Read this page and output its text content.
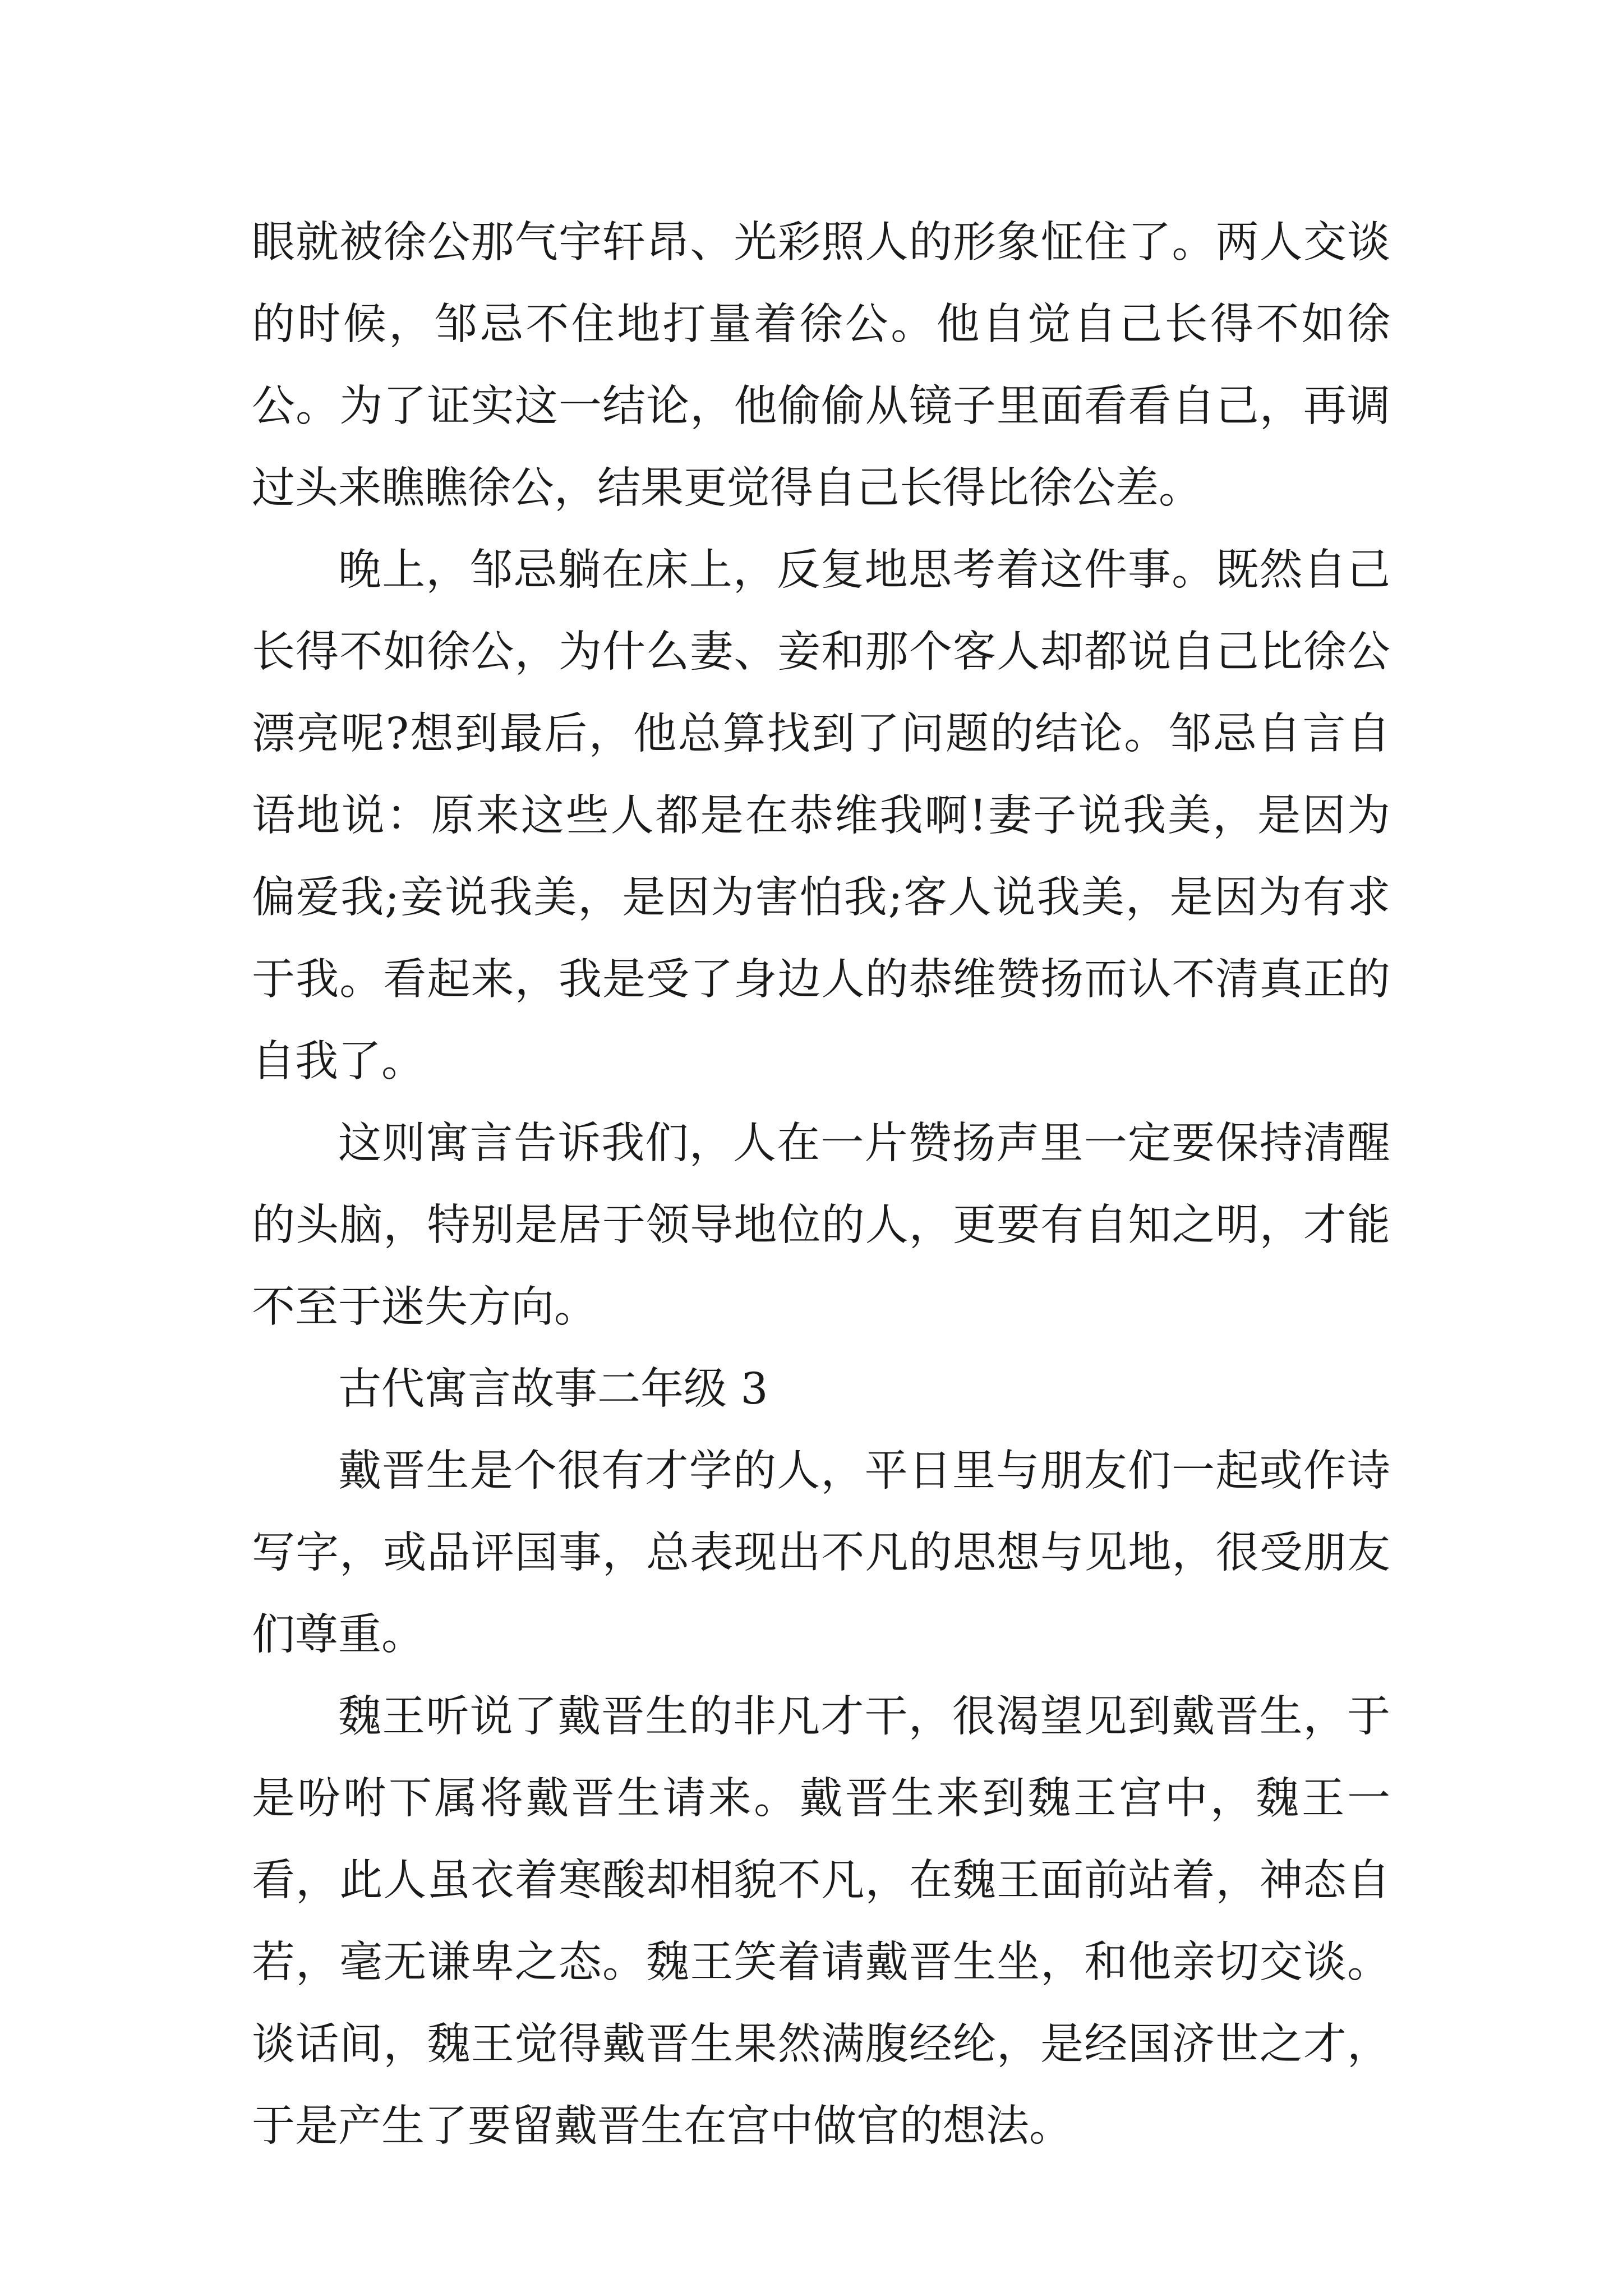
眼就被徐公那气宇轩昂、光彩照人的形象怔住了。两人交谈的时候，邹忌不住地打量着徐公。他自觉自己长得不如徐公。为了证实这一结论，他偷偷从镜子里面看看自己，再调过头来瞧瞧徐公，结果更觉得自己长得比徐公差。

晚上，邹忌躺在床上，反复地思考着这件事。既然自己长得不如徐公，为什么妻、妾和那个客人却都说自己比徐公漂亮呢?想到最后，他总算找到了问题的结论。邹忌自言自语地说：原来这些人都是在恭维我啊!妻子说我美，是因为偏爱我;妾说我美，是因为害怕我;客人说我美，是因为有求于我。看起来，我是受了身边人的恭维赞扬而认不清真正的自我了。

这则寓言告诉我们，人在一片赞扬声里一定要保持清醒的头脑，特别是居于领导地位的人，更要有自知之明，才能不至于迷失方向。

古代寓言故事二年级 3

戴晋生是个很有才学的人，平日里与朋友们一起或作诗写字，或品评国事，总表现出不凡的思想与见地，很受朋友们尊重。

魏王听说了戴晋生的非凡才干，很渴望见到戴晋生，于是吩咐下属将戴晋生请来。戴晋生来到魏王宫中，魏王一看，此人虽衣着寒酸却相貌不凡，在魏王面前站着，神态自若，毫无谦卑之态。魏王笑着请戴晋生坐，和他亲切交谈。谈话间，魏王觉得戴晋生果然满腹经纶，是经国济世之才，于是产生了要留戴晋生在宫中做官的想法。
